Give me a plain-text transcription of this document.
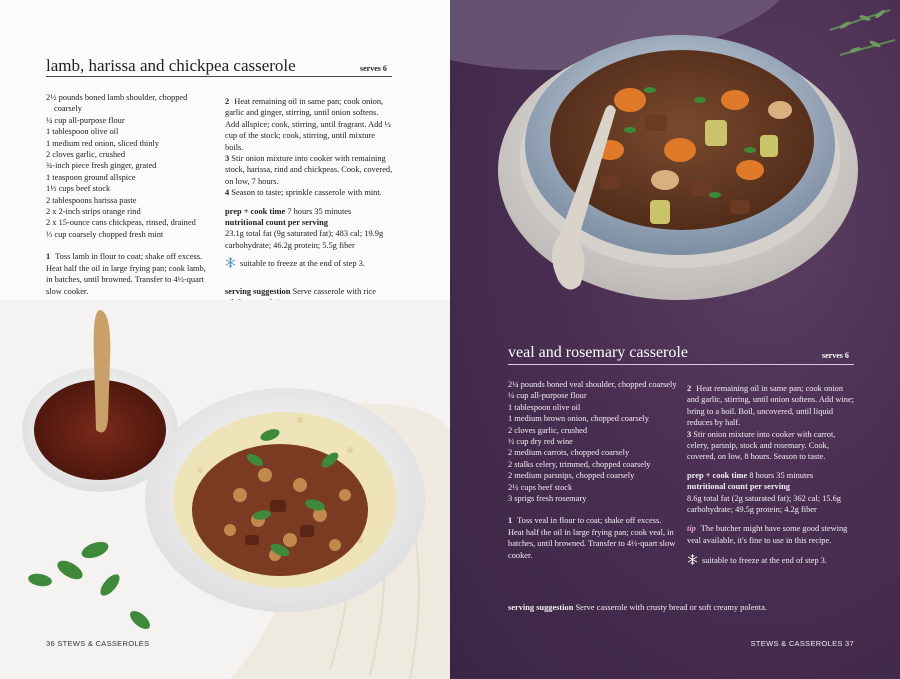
lamb, harissa and chickpea casserole	serves 6

2½ pounds boned lamb shoulder, chopped coarsely

¼ cup all-purpose flour

1 tablespoon olive oil

1 medium red onion, sliced thinly

2 cloves garlic, crushed

¾-inch piece fresh ginger, grated

1 teaspoon ground allspice

1½ cups beef stock

2 tablespoons harissa paste

2 x 2-inch strips orange rind

2 x 15-ounce cans chickpeas, rinsed, drained

⅓ cup coarsely chopped fresh mint

1 Toss lamb in flour to coat; shake off excess. Heat half the oil in large frying pan; cook lamb, in batches, until browned. Transfer to 4½-quart slow cooker.

2 Heat remaining oil in same pan; cook onion, garlic and ginger, stirring, until onion softens. Add allspice; cook, stirring, until fragrant. Add ½ cup of the stock; cook, stirring, until mixture boils.

3 Stir onion mixture into cooker with remaining stock, harissa, rind and chickpeas. Cook, covered, on low, 7 hours.

4 Season to taste; sprinkle casserole with mint.

prep + cook time 7 hours 35 minutes

nutritional count per serving

23.1g total fat (9g saturated fat); 483 cal; 19.9g carbohydrate; 46.2g protein; 5.5g fiber

suitable to freeze at the end of step 3.

serving suggestion Serve casserole with rice

36 STEWS & CASSEROLES
veal and rosemary casserole	serves 6

2¼ pounds boned veal shoulder, chopped coarsely

¼ cup all-purpose flour

1 tablespoon olive oil

1 medium brown onion, chopped coarsely

2 cloves garlic, crushed

½ cup dry red wine

2 medium carrots, chopped coarsely

2 stalks celery, trimmed, chopped coarsely

2 medium parsnips, chopped coarsely

2½ cups beef stock

3 sprigs fresh rosemary

1 Toss veal in flour to coat; shake off excess. Heat half the oil in large frying pan; cook veal, in batches, until browned. Transfer to 4½-quart slow cooker.

2 Heat remaining oil in same pan; cook onion and garlic, stirring, until onion softens. Add wine; bring to a boil. Boil, uncovered, until liquid reduces by half.

3 Stir onion mixture into cooker with carrot, celery, parsnip, stock and rosemary. Cook, covered, on low, 8 hours. Season to taste.

prep + cook time 8 hours 35 minutes

nutritional count per serving

8.6g total fat (2g saturated fat); 362 cal; 15.6g carbohydrate; 49.5g protein; 4.2g fiber

tip The butcher might have some good stewing veal available, it's fine to use in this recipe.

suitable to freeze at the end of step 3.

serving suggestion Serve casserole with crusty bread or soft creamy polenta.
STEWS & CASSEROLES 37
